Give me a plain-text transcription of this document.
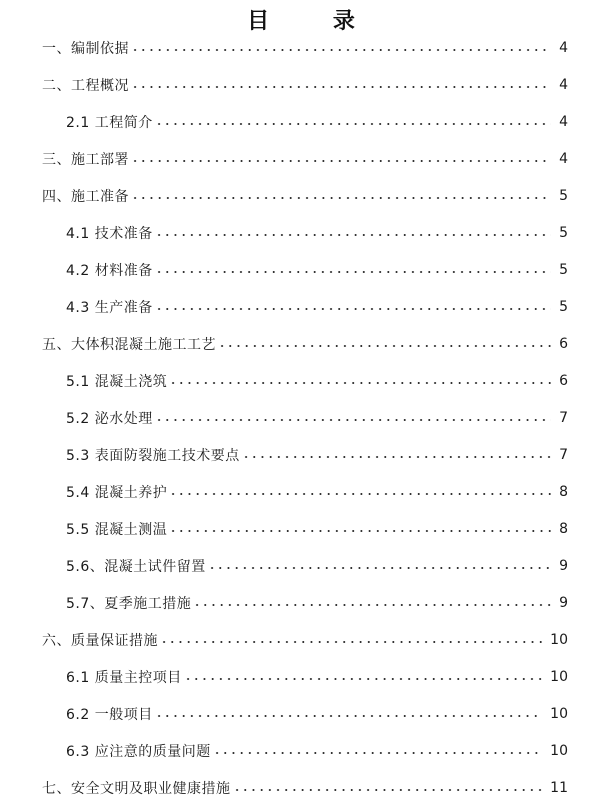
目 录
一、编制依据	4
二、工程概况	4
2.1 工程简介	4
三、施工部署	4
四、施工准备	5
4.1 技术准备	5
4.2 材料准备	5
4.3 生产准备	5
五、大体积混凝土施工工艺	6
5.1 混凝土浇筑	6
5.2 泌水处理	7
5.3 表面防裂施工技术要点	7
5.4 混凝土养护	8
5.5 混凝土测温	8
5.6、混凝土试件留置	9
5.7、夏季施工措施	9
六、质量保证措施	10
6.1 质量主控项目	10
6.2 一般项目	10
6.3 应注意的质量问题	10
七、安全文明及职业健康措施	11
